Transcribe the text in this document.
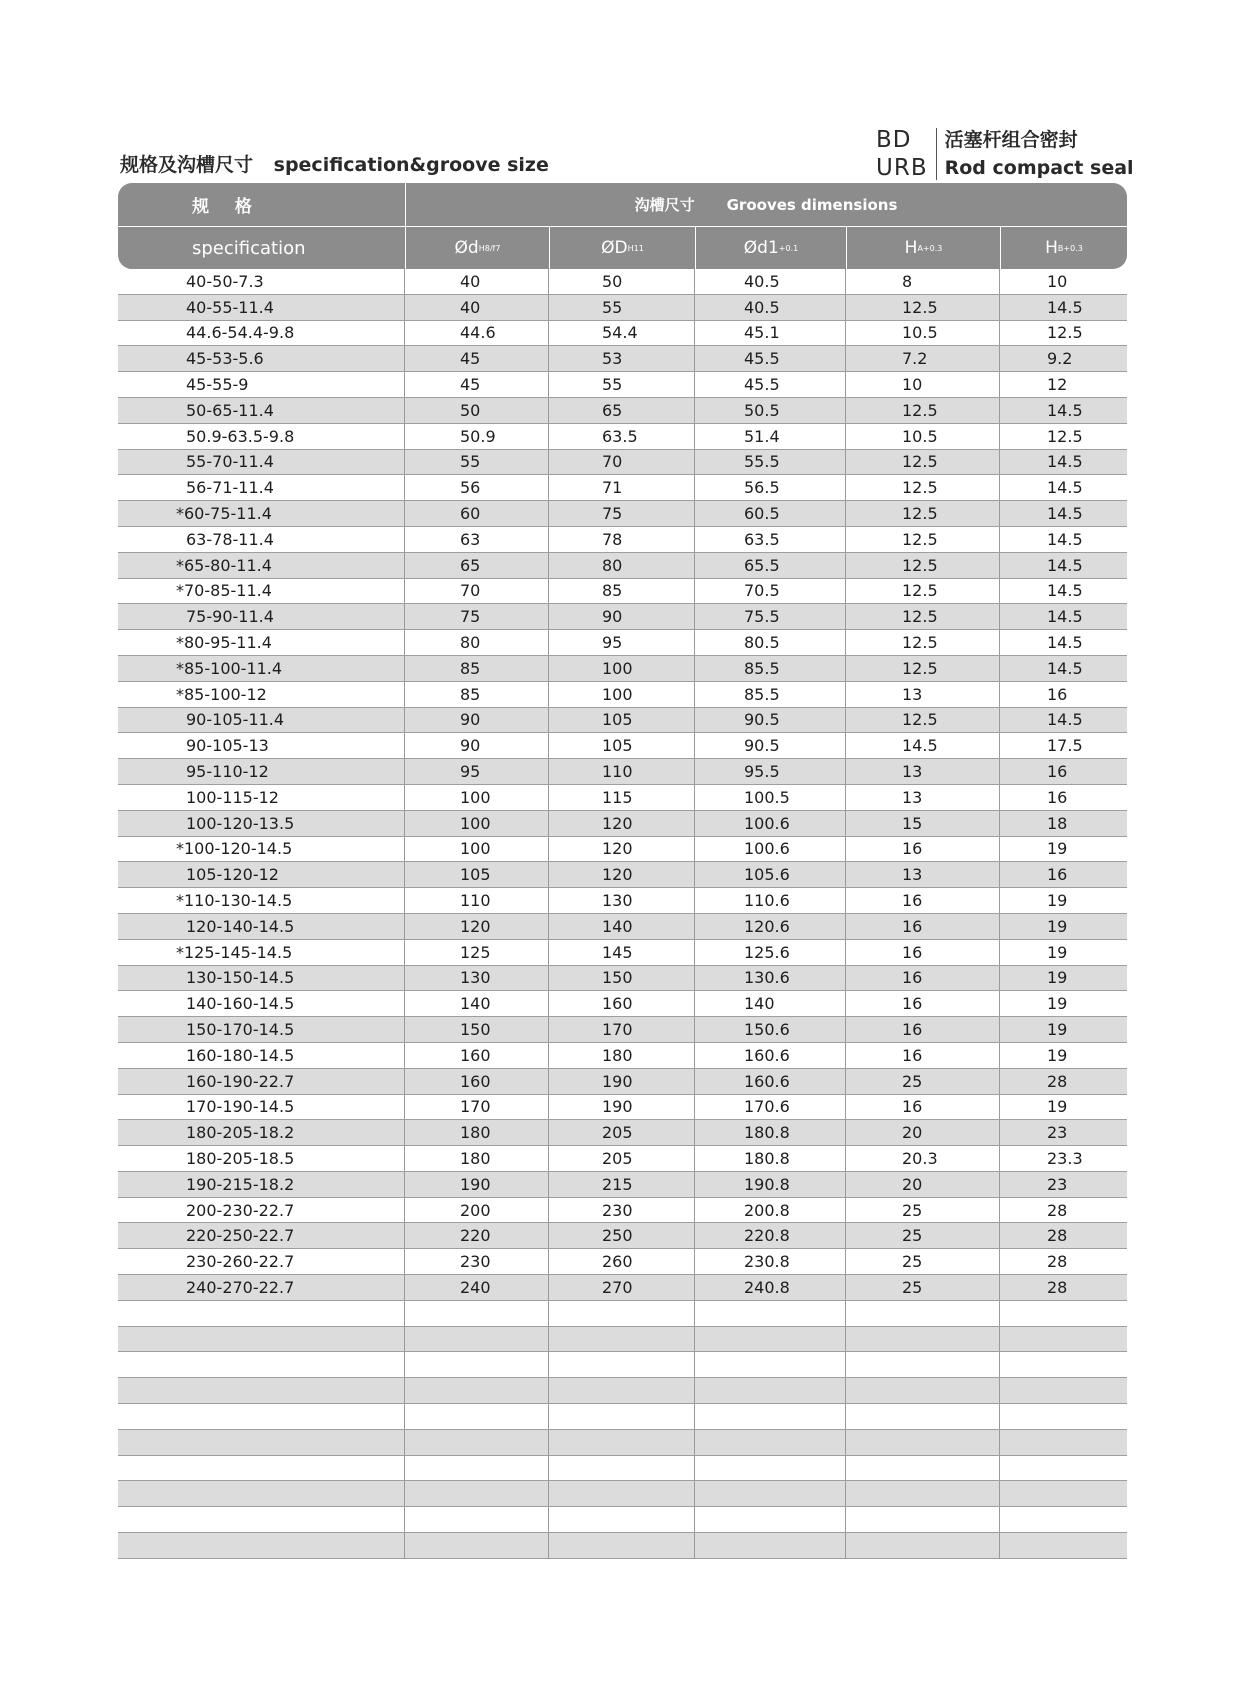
规格及沟槽尺寸 specification&groove size
BD
URB
活塞杆组合密封
Rod compact seal
规 格	沟槽尺寸 Grooves dimensions
specification	Ød H8/f7	ØD H11	Ød1 +0.1	H A +0.3	H B +0.3
40-50-7.3	40	50	40.5	8	10
40-55-11.4	40	55	40.5	12.5	14.5
44.6-54.4-9.8	44.6	54.4	45.1	10.5	12.5
45-53-5.6	45	53	45.5	7.2	9.2
45-55-9	45	55	45.5	10	12
50-65-11.4	50	65	50.5	12.5	14.5
50.9-63.5-9.8	50.9	63.5	51.4	10.5	12.5
55-70-11.4	55	70	55.5	12.5	14.5
56-71-11.4	56	71	56.5	12.5	14.5
*60-75-11.4	60	75	60.5	12.5	14.5
63-78-11.4	63	78	63.5	12.5	14.5
*65-80-11.4	65	80	65.5	12.5	14.5
*70-85-11.4	70	85	70.5	12.5	14.5
75-90-11.4	75	90	75.5	12.5	14.5
*80-95-11.4	80	95	80.5	12.5	14.5
*85-100-11.4	85	100	85.5	12.5	14.5
*85-100-12	85	100	85.5	13	16
90-105-11.4	90	105	90.5	12.5	14.5
90-105-13	90	105	90.5	14.5	17.5
95-110-12	95	110	95.5	13	16
100-115-12	100	115	100.5	13	16
100-120-13.5	100	120	100.6	15	18
*100-120-14.5	100	120	100.6	16	19
105-120-12	105	120	105.6	13	16
*110-130-14.5	110	130	110.6	16	19
120-140-14.5	120	140	120.6	16	19
*125-145-14.5	125	145	125.6	16	19
130-150-14.5	130	150	130.6	16	19
140-160-14.5	140	160	140	16	19
150-170-14.5	150	170	150.6	16	19
160-180-14.5	160	180	160.6	16	19
160-190-22.7	160	190	160.6	25	28
170-190-14.5	170	190	170.6	16	19
180-205-18.2	180	205	180.8	20	23
180-205-18.5	180	205	180.8	20.3	23.3
190-215-18.2	190	215	190.8	20	23
200-230-22.7	200	230	200.8	25	28
220-250-22.7	220	250	220.8	25	28
230-260-22.7	230	260	230.8	25	28
240-270-22.7	240	270	240.8	25	28
